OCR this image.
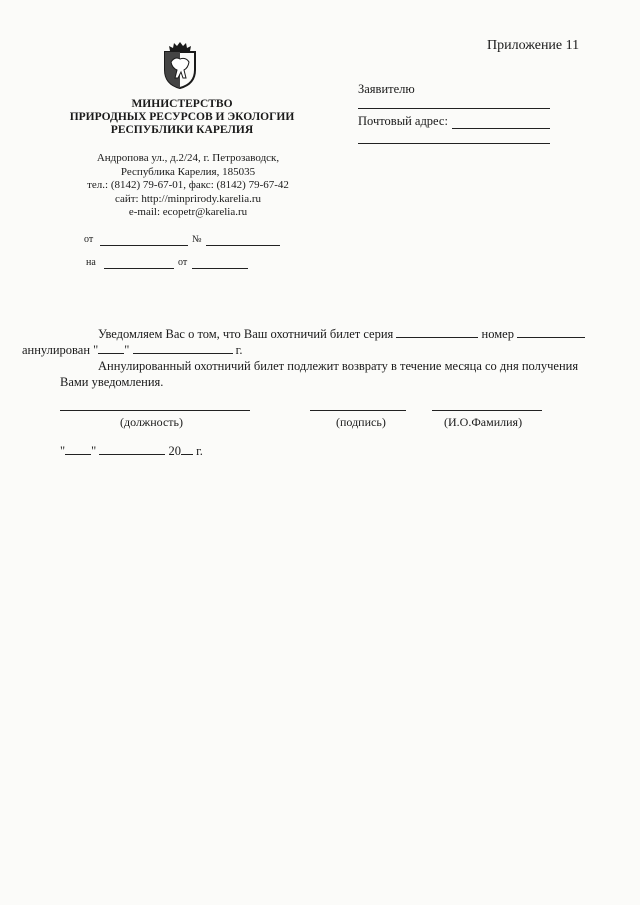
Приложение 11
МИНИСТЕРСТВО
ПРИРОДНЫХ РЕСУРСОВ И ЭКОЛОГИИ
РЕСПУБЛИКИ КАРЕЛИЯ
Андропова ул., д.2/24, г. Петрозаводск,
Республика Карелия, 185035
тел.: (8142) 79-67-01, факс: (8142) 79-67-42
сайт: http://minprirody.karelia.ru
e-mail: ecopetr@karelia.ru
Заявителю
Почтовый адрес:
от	№
на	от
Уведомляем Вас о том, что Ваш охотничий билет серия	номер
аннулирован " "	г.
Аннулированный охотничий билет подлежит возврату в течение месяца со дня получения Вами уведомления.
(должность)	(подпись)	(И.О.Фамилия)
" "	20 г.
